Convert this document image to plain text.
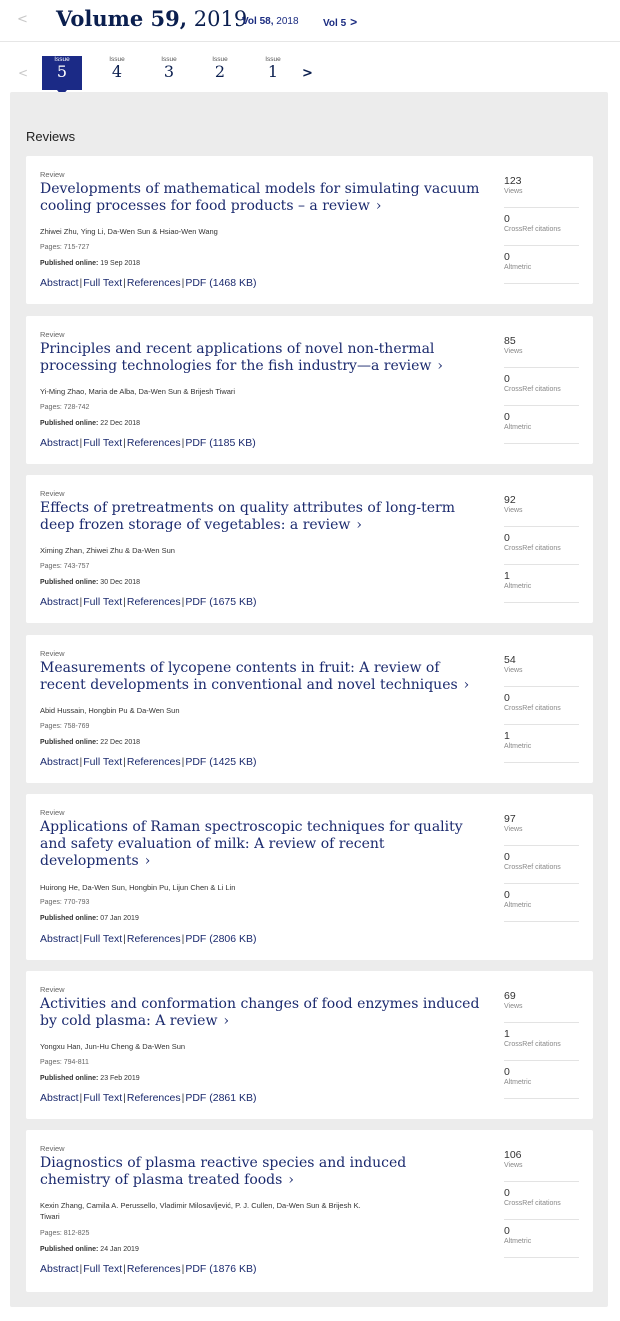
< Volume 59, 2019
Vol 58, 2018 Vol 5 >
<
Issue
5
Issue
4
Issue
3
Issue
2
Issue
1	>
Reviews
Review
Developments of mathematical models for simulating vacuum cooling processes for food products – a review ›
Zhiwei Zhu, Ying Li, Da-Wen Sun & Hsiao-Wen Wang
Pages: 715-727
Published online: 19 Sep 2018
Abstract|Full Text|References|PDF (1468 KB)
123
Views
0
CrossRef citations
0
Altmetric
Review
Principles and recent applications of novel non-thermal processing technologies for the fish industry—a review ›
Yi-Ming Zhao, Maria de Alba, Da-Wen Sun & Brijesh Tiwari
Pages: 728-742
Published online: 22 Dec 2018
Abstract|Full Text|References|PDF (1185 KB)
85
Views
0
CrossRef citations
0
Altmetric
Review
Effects of pretreatments on quality attributes of long-term deep frozen storage of vegetables: a review ›
Ximing Zhan, Zhiwei Zhu & Da-Wen Sun
Pages: 743-757
Published online: 30 Dec 2018
Abstract|Full Text|References|PDF (1675 KB)
92
Views
0
CrossRef citations
1
Altmetric
Review
Measurements of lycopene contents in fruit: A review of recent developments in conventional and novel techniques ›
Abid Hussain, Hongbin Pu & Da-Wen Sun
Pages: 758-769
Published online: 22 Dec 2018
Abstract|Full Text|References|PDF (1425 KB)
54
Views
0
CrossRef citations
1
Altmetric
Review
Applications of Raman spectroscopic techniques for quality and safety evaluation of milk: A review of recent developments ›
Huirong He, Da-Wen Sun, Hongbin Pu, Lijun Chen & Li Lin
Pages: 770-793
Published online: 07 Jan 2019
Abstract|Full Text|References|PDF (2806 KB)
97
Views
0
CrossRef citations
0
Altmetric
Review
Activities and conformation changes of food enzymes induced by cold plasma: A review ›
Yongxu Han, Jun-Hu Cheng & Da-Wen Sun
Pages: 794-811
Published online: 23 Feb 2019
Abstract|Full Text|References|PDF (2861 KB)
69
Views
1
CrossRef citations
0
Altmetric
Review
Diagnostics of plasma reactive species and induced chemistry of plasma treated foods ›
Kexin Zhang, Camila A. Perussello, Vladimir Milosavljević, P. J. Cullen, Da-Wen Sun & Brijesh K. Tiwari
Pages: 812-825
Published online: 24 Jan 2019
Abstract|Full Text|References|PDF (1876 KB)
106
Views
0
CrossRef citations
0
Altmetric
